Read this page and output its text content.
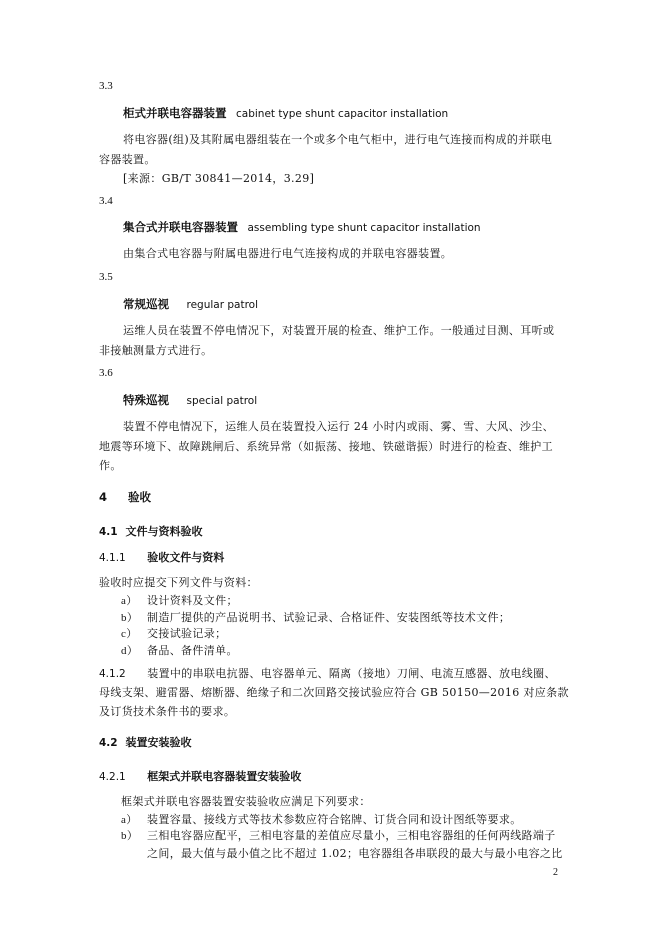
3.3
柜式并联电容器装置 cabinet type shunt capacitor installation
将电容器(组)及其附属电器组装在一个或多个电气柜中，进行电气连接而构成的并联电
容器装置。
[来源：GB/T 30841—2014，3.29]
3.4
集合式并联电容器装置 assembling type shunt capacitor installation
由集合式电容器与附属电器进行电气连接构成的并联电容器装置。
3.5
常规巡视 regular patrol
运维人员在装置不停电情况下，对装置开展的检查、维护工作。一般通过目测、耳听或
非接触测量方式进行。
3.6
特殊巡视 special patrol
装置不停电情况下，运维人员在装置投入运行 24 小时内或雨、雾、雪、大风、沙尘、
地震等环境下、故障跳闸后、系统异常（如振荡、接地、铁磁谐振）时进行的检查、维护工
作。
4 验收
4.1 文件与资料验收
4.1.1 验收文件与资料
验收时应提交下列文件与资料：
a） 设计资料及文件；
b） 制造厂提供的产品说明书、试验记录、合格证件、安装图纸等技术文件；
c） 交接试验记录；
d） 备品、备件清单。
4.1.2 装置中的串联电抗器、电容器单元、隔离（接地）刀闸、电流互感器、放电线圈、
母线支架、避雷器、熔断器、绝缘子和二次回路交接试验应符合 GB 50150—2016 对应条款
及订货技术条件书的要求。
4.2 装置安装验收
4.2.1 框架式并联电容器装置安装验收
框架式并联电容器装置安装验收应满足下列要求：
a） 装置容量、接线方式等技术参数应符合铭牌、订货合同和设计图纸等要求。
b） 三相电容器应配平，三相电容量的差值应尽量小，三相电容器组的任何两线路端子
之间，最大值与最小值之比不超过 1.02；电容器组各串联段的最大与最小电容之比
2
